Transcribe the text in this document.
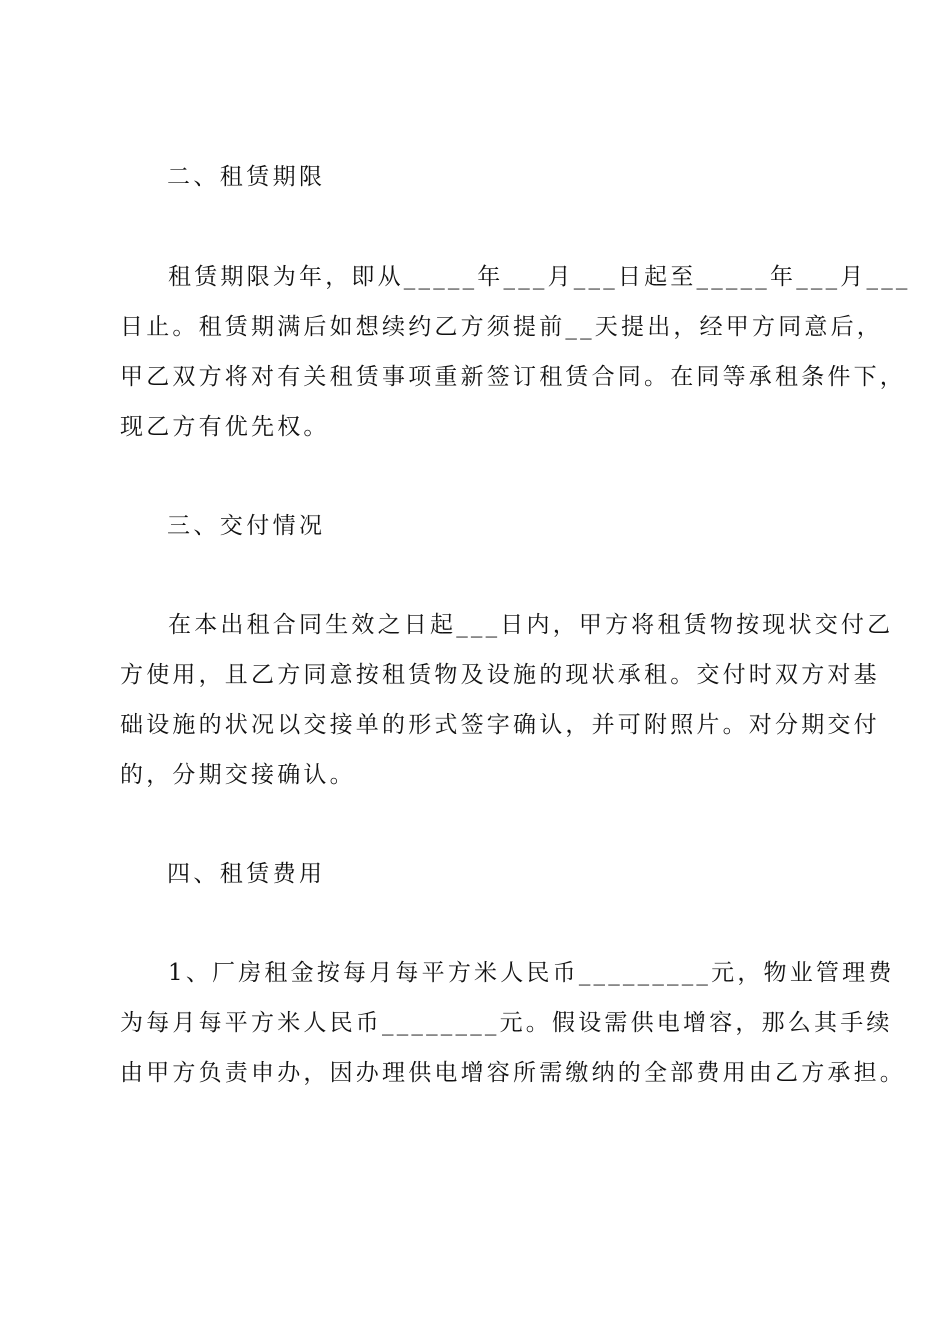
二、租赁期限
租赁期限为年，即从_____年___月___日起至_____年___月___
日止。租赁期满后如想续约乙方须提前__天提出，经甲方同意后，
甲乙双方将对有关租赁事项重新签订租赁合同。在同等承租条件下，
现乙方有优先权。
三、交付情况
在本出租合同生效之日起___日内，甲方将租赁物按现状交付乙
方使用，且乙方同意按租赁物及设施的现状承租。交付时双方对基
础设施的状况以交接单的形式签字确认，并可附照片。对分期交付
的，分期交接确认。
四、租赁费用
1、厂房租金按每月每平方米人民币_________元，物业管理费
为每月每平方米人民币________元。假设需供电增容，那么其手续
由甲方负责申办，因办理供电增容所需缴纳的全部费用由乙方承担。
